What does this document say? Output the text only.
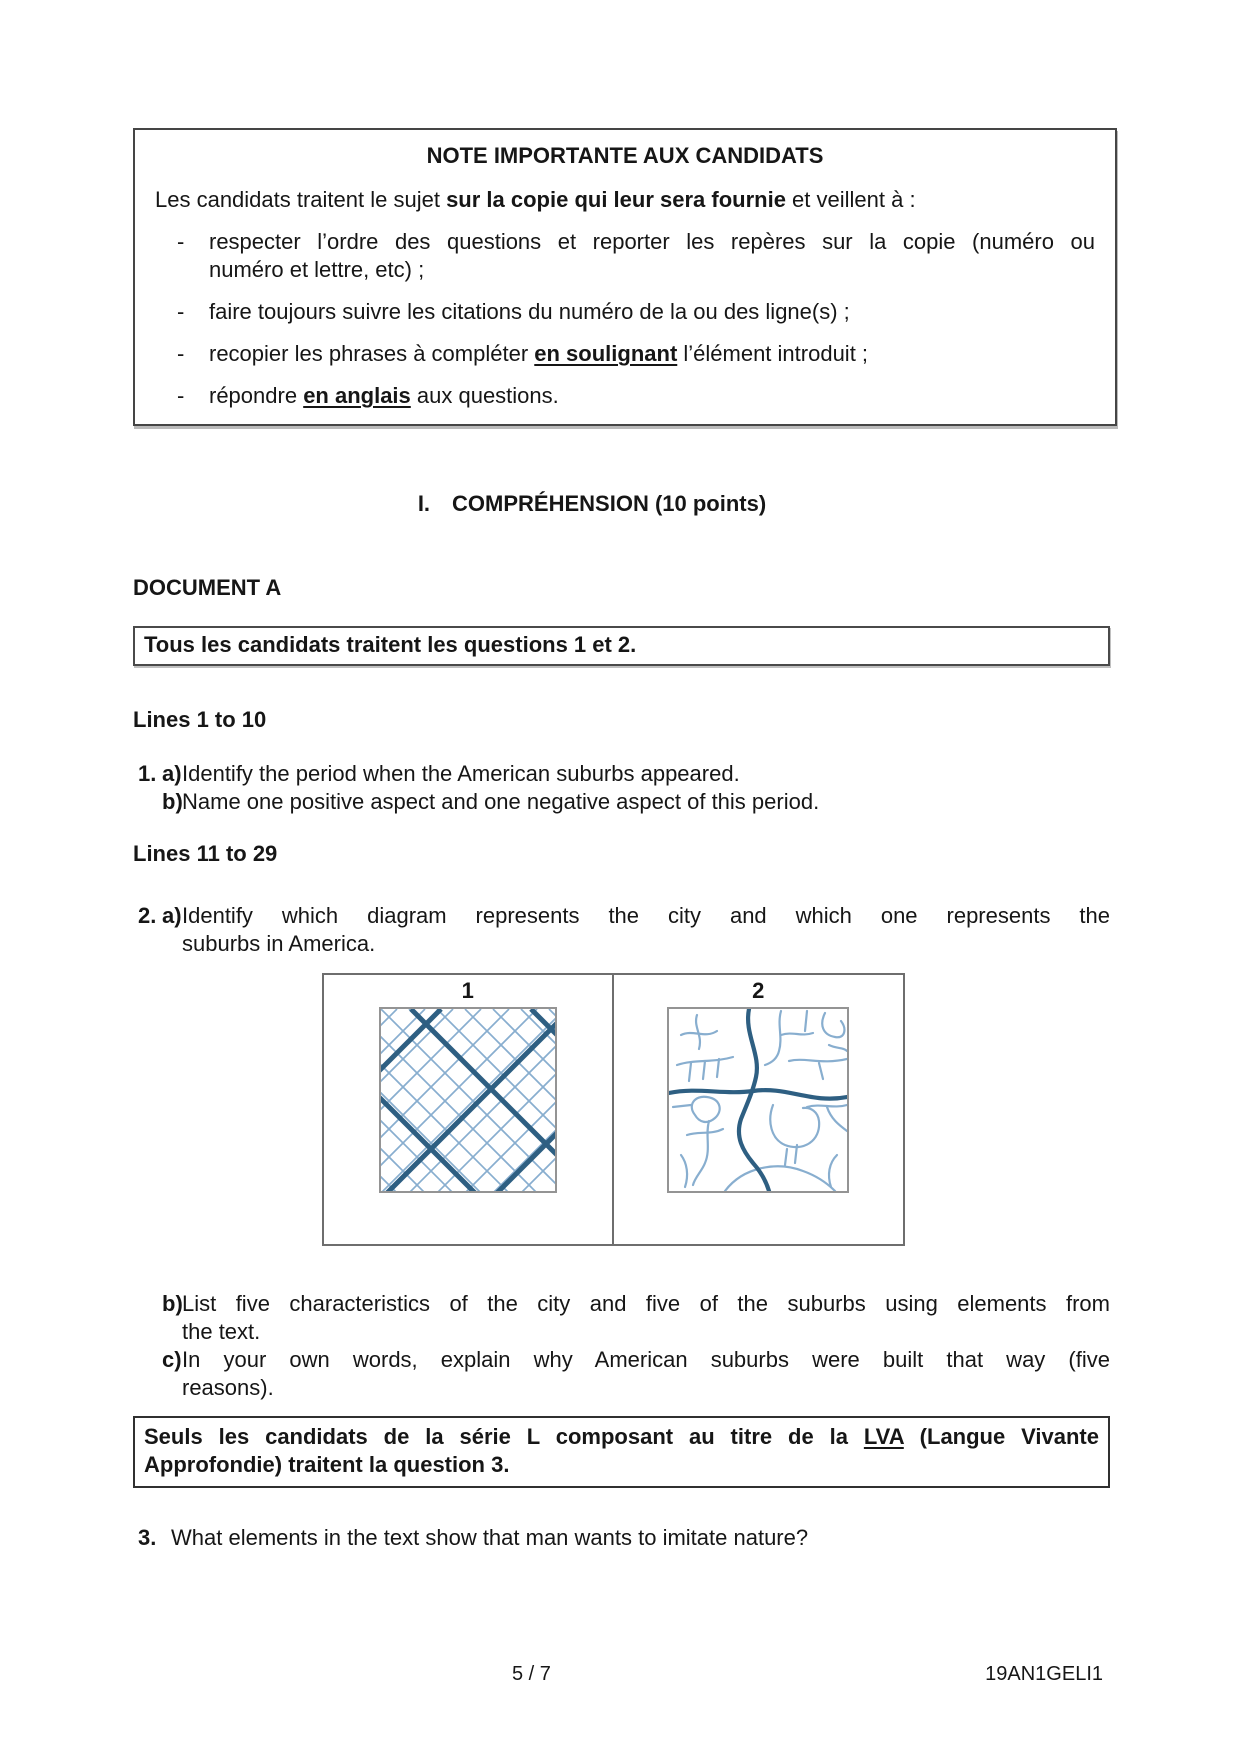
NOTE IMPORTANTE AUX CANDIDATS

Les candidats traitent le sujet sur la copie qui leur sera fournie et veillent à :

-	respecter l’ordre des questions et reporter les repères sur la copie (numéro ou
numéro et lettre, etc) ;
-	faire toujours suivre les citations du numéro de la ou des ligne(s) ;
-	recopier les phrases à compléter en soulignant l’élément introduit ;
-	répondre en anglais aux questions.
I. COMPRÉHENSION (10 points)
DOCUMENT A
Tous les candidats traitent les questions 1 et 2.
Lines 1 to 10
1. a) Identify the period when the American suburbs appeared.
b) Name one positive aspect and one negative aspect of this period.
Lines 11 to 29
2. a) Identify which diagram represents the city and which one represents the
suburbs in America.
1	2
b) List five characteristics of the city and five of the suburbs using elements from
the text.
c) In your own words, explain why American suburbs were built that way (five
reasons).
Seuls les candidats de la série L composant au titre de la LVA (Langue Vivante
Approfondie) traitent la question 3.
3. What elements in the text show that man wants to imitate nature?
5 / 7	19AN1GELI1
